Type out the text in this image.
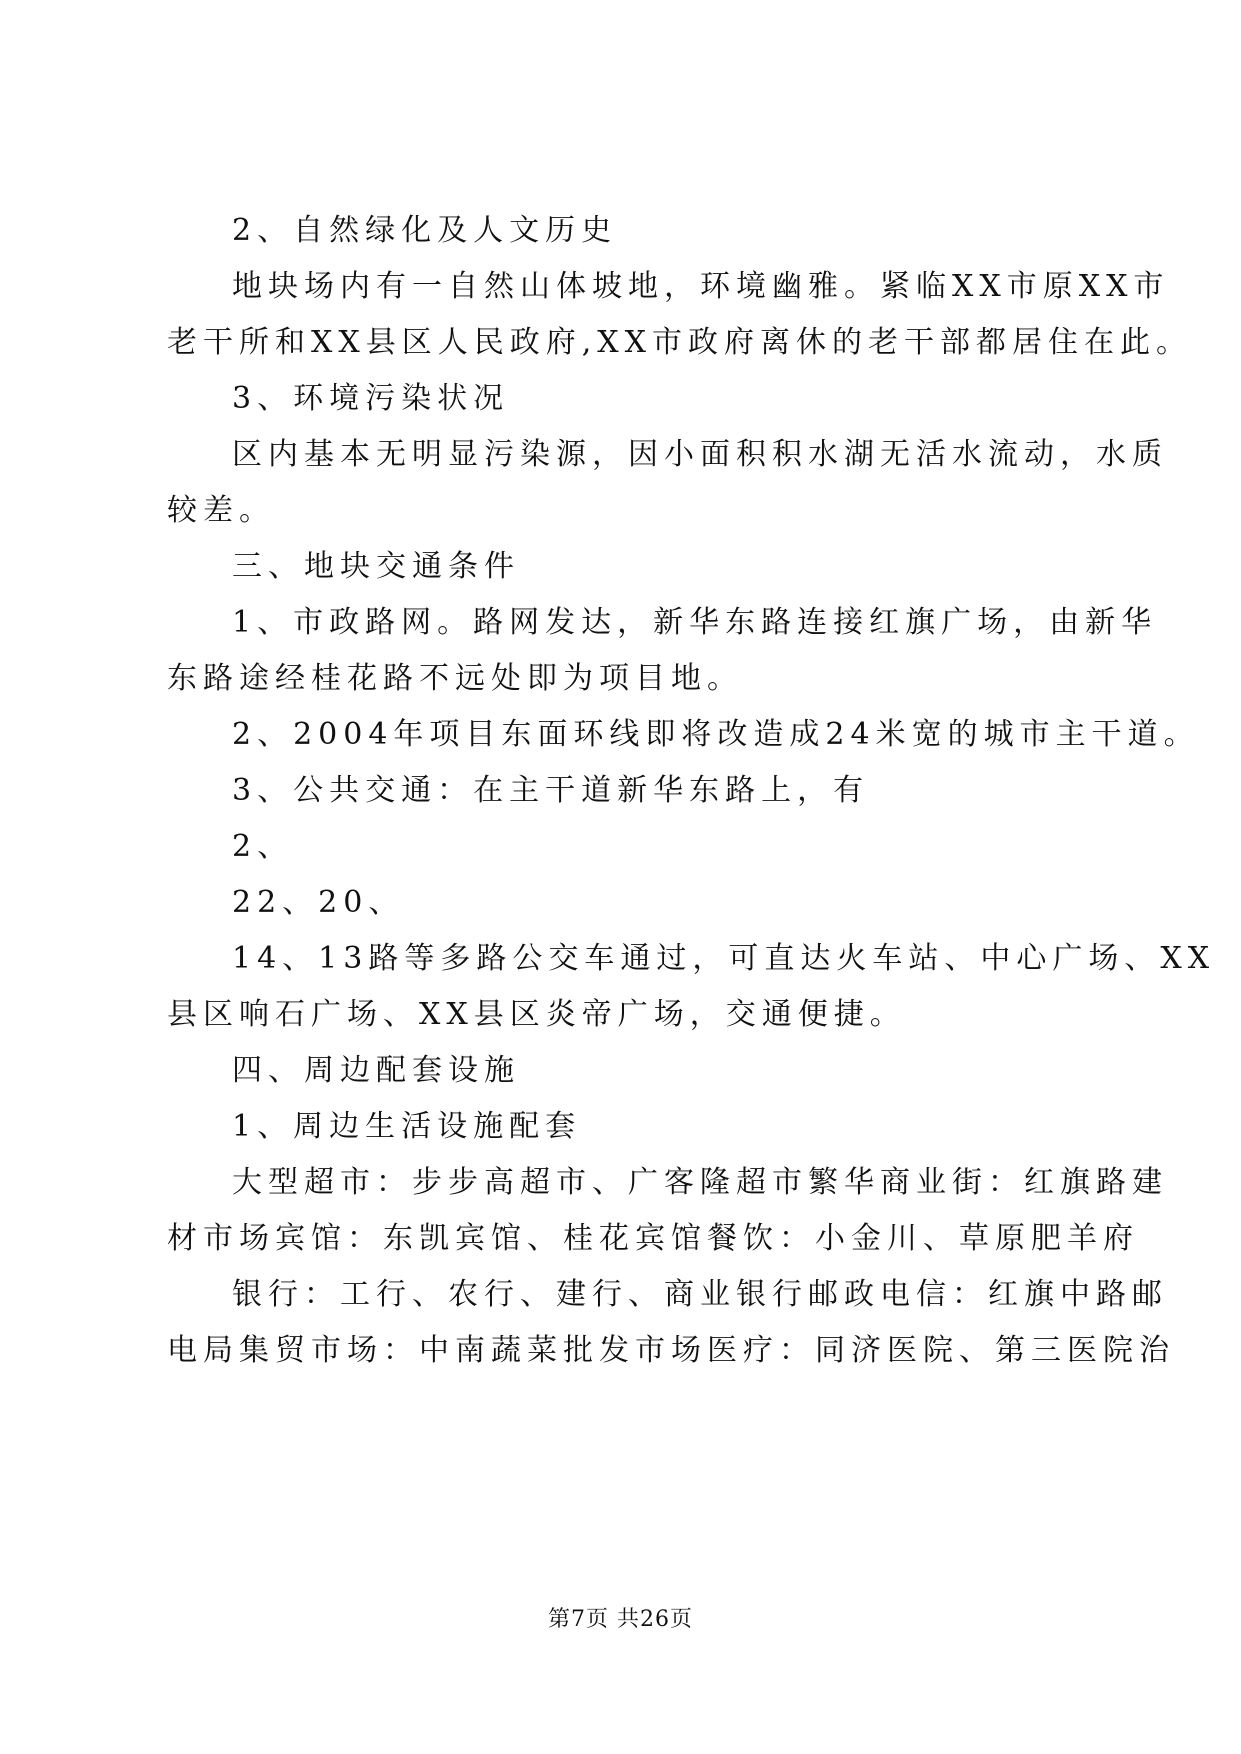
2、自然绿化及人文历史
地块场内有一自然山体坡地，环境幽雅。紧临XX市原XX市
老干所和XX县区人民政府,XX市政府离休的老干部都居住在此。
3、环境污染状况
区内基本无明显污染源，因小面积积水湖无活水流动，水质
较差。
三、地块交通条件
1、市政路网。路网发达，新华东路连接红旗广场，由新华
东路途经桂花路不远处即为项目地。
2、2004年项目东面环线即将改造成24米宽的城市主干道。
3、公共交通：在主干道新华东路上，有
2、
22、20、
14、13路等多路公交车通过，可直达火车站、中心广场、XX
县区响石广场、XX县区炎帝广场，交通便捷。
四、周边配套设施
1、周边生活设施配套
大型超市：步步高超市、广客隆超市繁华商业街：红旗路建
材市场宾馆：东凯宾馆、桂花宾馆餐饮：小金川、草原肥羊府
银行：工行、农行、建行、商业银行邮政电信：红旗中路邮
电局集贸市场：中南蔬菜批发市场医疗：同济医院、第三医院治
第7页 共26页
